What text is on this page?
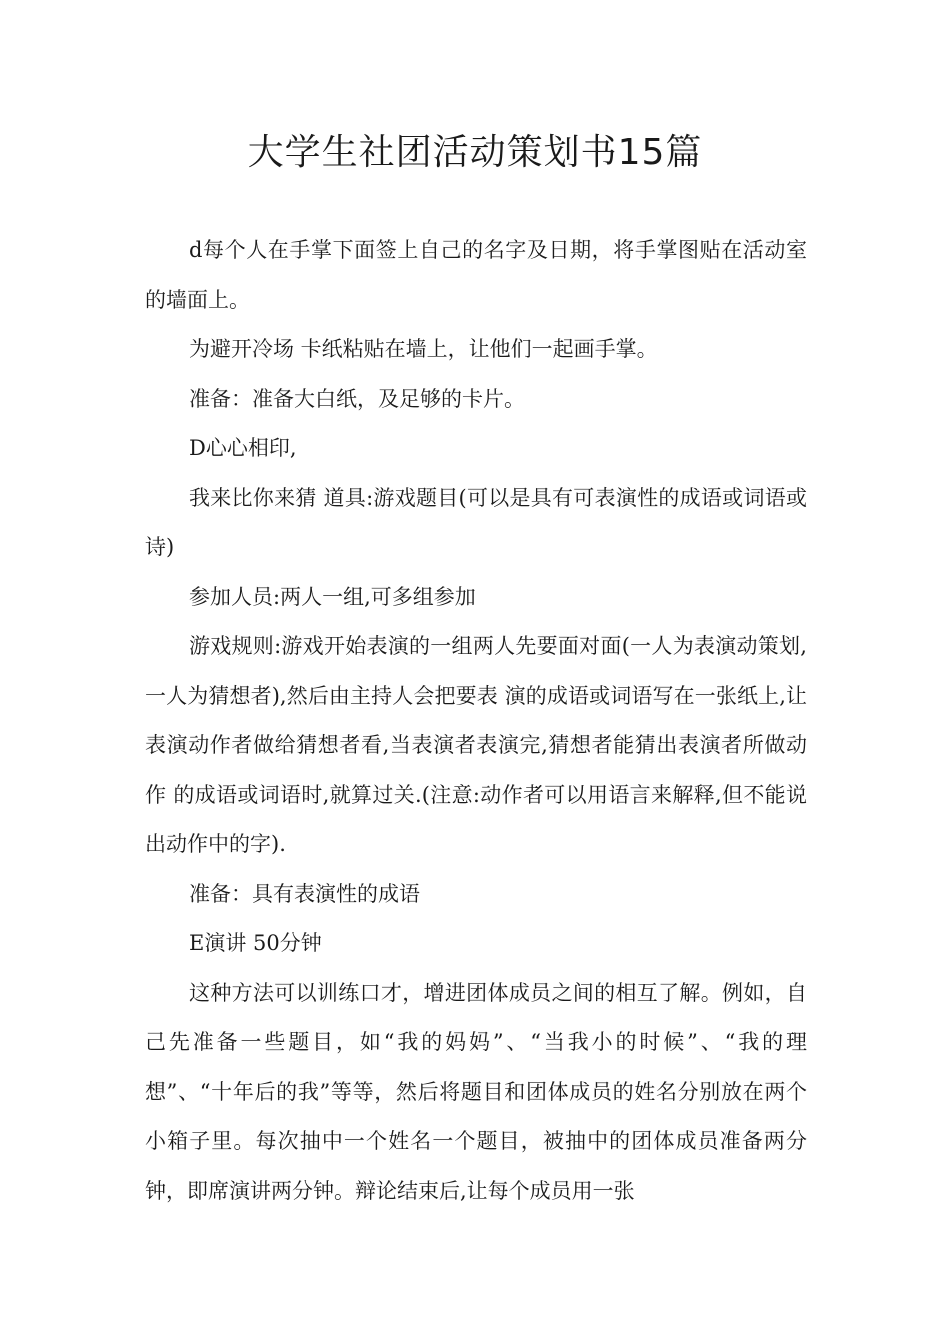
大学生社团活动策划书15篇

d每个人在手掌下面签上自己的名字及日期，将手掌图贴在活动室的墙面上。

为避开冷场 卡纸粘贴在墙上，让他们一起画手掌。

准备：准备大白纸，及足够的卡片。

D心心相印,

我来比你来猜 道具:游戏题目(可以是具有可表演性的成语或词语或诗)

参加人员:两人一组,可多组参加

游戏规则:游戏开始表演的一组两人先要面对面(一人为表演动策划,一人为猜想者),然后由主持人会把要表 演的成语或词语写在一张纸上,让表演动作者做给猜想者看,当表演者表演完,猜想者能猜出表演者所做动作 的成语或词语时,就算过关.(注意:动作者可以用语言来解释,但不能说出动作中的字).

准备：具有表演性的成语

E演讲 50分钟

这种方法可以训练口才，增进团体成员之间的相互了解。例如，自己先准备一些题目，如“我的妈妈”、“当我小的时候”、“我的理想”、“十年后的我”等等，然后将题目和团体成员的姓名分别放在两个小箱子里。每次抽中一个姓名一个题目，被抽中的团体成员准备两分钟，即席演讲两分钟。辩论结束后,让每个成员用一张
